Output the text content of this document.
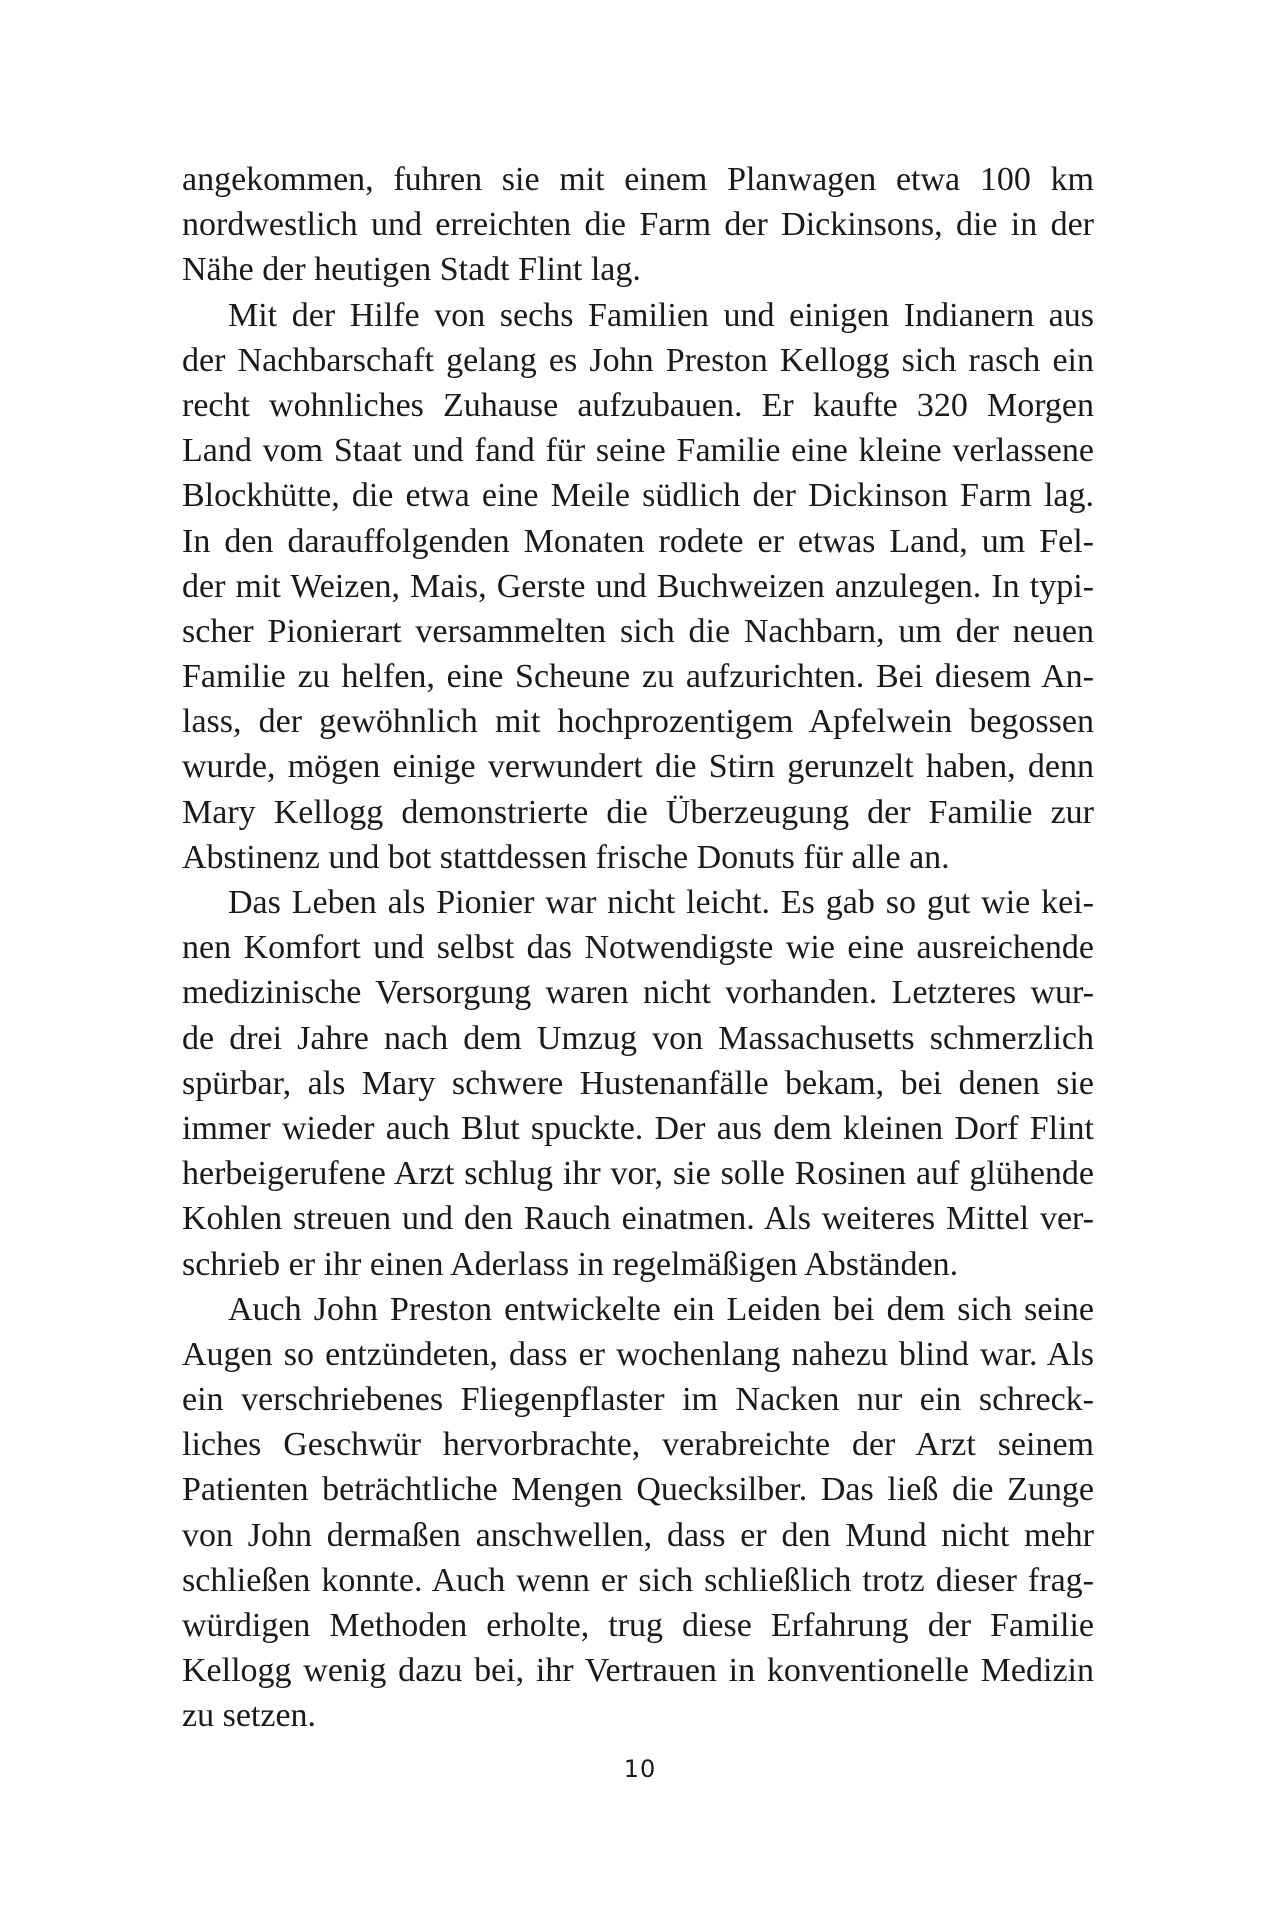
angekommen, fuhren sie mit einem Planwagen etwa 100 km
nordwestlich und erreichten die Farm der Dickinsons, die in der
Nähe der heutigen Stadt Flint lag.
Mit der Hilfe von sechs Familien und einigen Indianern aus
der Nachbarschaft gelang es John Preston Kellogg sich rasch ein
recht wohnliches Zuhause aufzubauen. Er kaufte 320 Morgen
Land vom Staat und fand für seine Familie eine kleine verlassene
Blockhütte, die etwa eine Meile südlich der Dickinson Farm lag.
In den darauffolgenden Monaten rodete er etwas Land, um Fel-
der mit Weizen, Mais, Gerste und Buchweizen anzulegen. In typi-
scher Pionierart versammelten sich die Nachbarn, um der neuen
Familie zu helfen, eine Scheune zu aufzurichten. Bei diesem An-
lass, der gewöhnlich mit hochprozentigem Apfelwein begossen
wurde, mögen einige verwundert die Stirn gerunzelt haben, denn
Mary Kellogg demonstrierte die Überzeugung der Familie zur
Abstinenz und bot stattdessen frische Donuts für alle an.
Das Leben als Pionier war nicht leicht. Es gab so gut wie kei-
nen Komfort und selbst das Notwendigste wie eine ausreichende
medizinische Versorgung waren nicht vorhanden. Letzteres wur-
de drei Jahre nach dem Umzug von Massachusetts schmerzlich
spürbar, als Mary schwere Hustenanfälle bekam, bei denen sie
immer wieder auch Blut spuckte. Der aus dem kleinen Dorf Flint
herbeigerufene Arzt schlug ihr vor, sie solle Rosinen auf glühende
Kohlen streuen und den Rauch einatmen. Als weiteres Mittel ver-
schrieb er ihr einen Aderlass in regelmäßigen Abständen.
Auch John Preston entwickelte ein Leiden bei dem sich seine
Augen so entzündeten, dass er wochenlang nahezu blind war. Als
ein verschriebenes Fliegenpflaster im Nacken nur ein schreck-
liches Geschwür hervorbrachte, verabreichte der Arzt seinem
Patienten beträchtliche Mengen Quecksilber. Das ließ die Zunge
von John dermaßen anschwellen, dass er den Mund nicht mehr
schließen konnte. Auch wenn er sich schließlich trotz dieser frag-
würdigen Methoden erholte, trug diese Erfahrung der Familie
Kellogg wenig dazu bei, ihr Vertrauen in konventionelle Medizin
zu setzen.
10
